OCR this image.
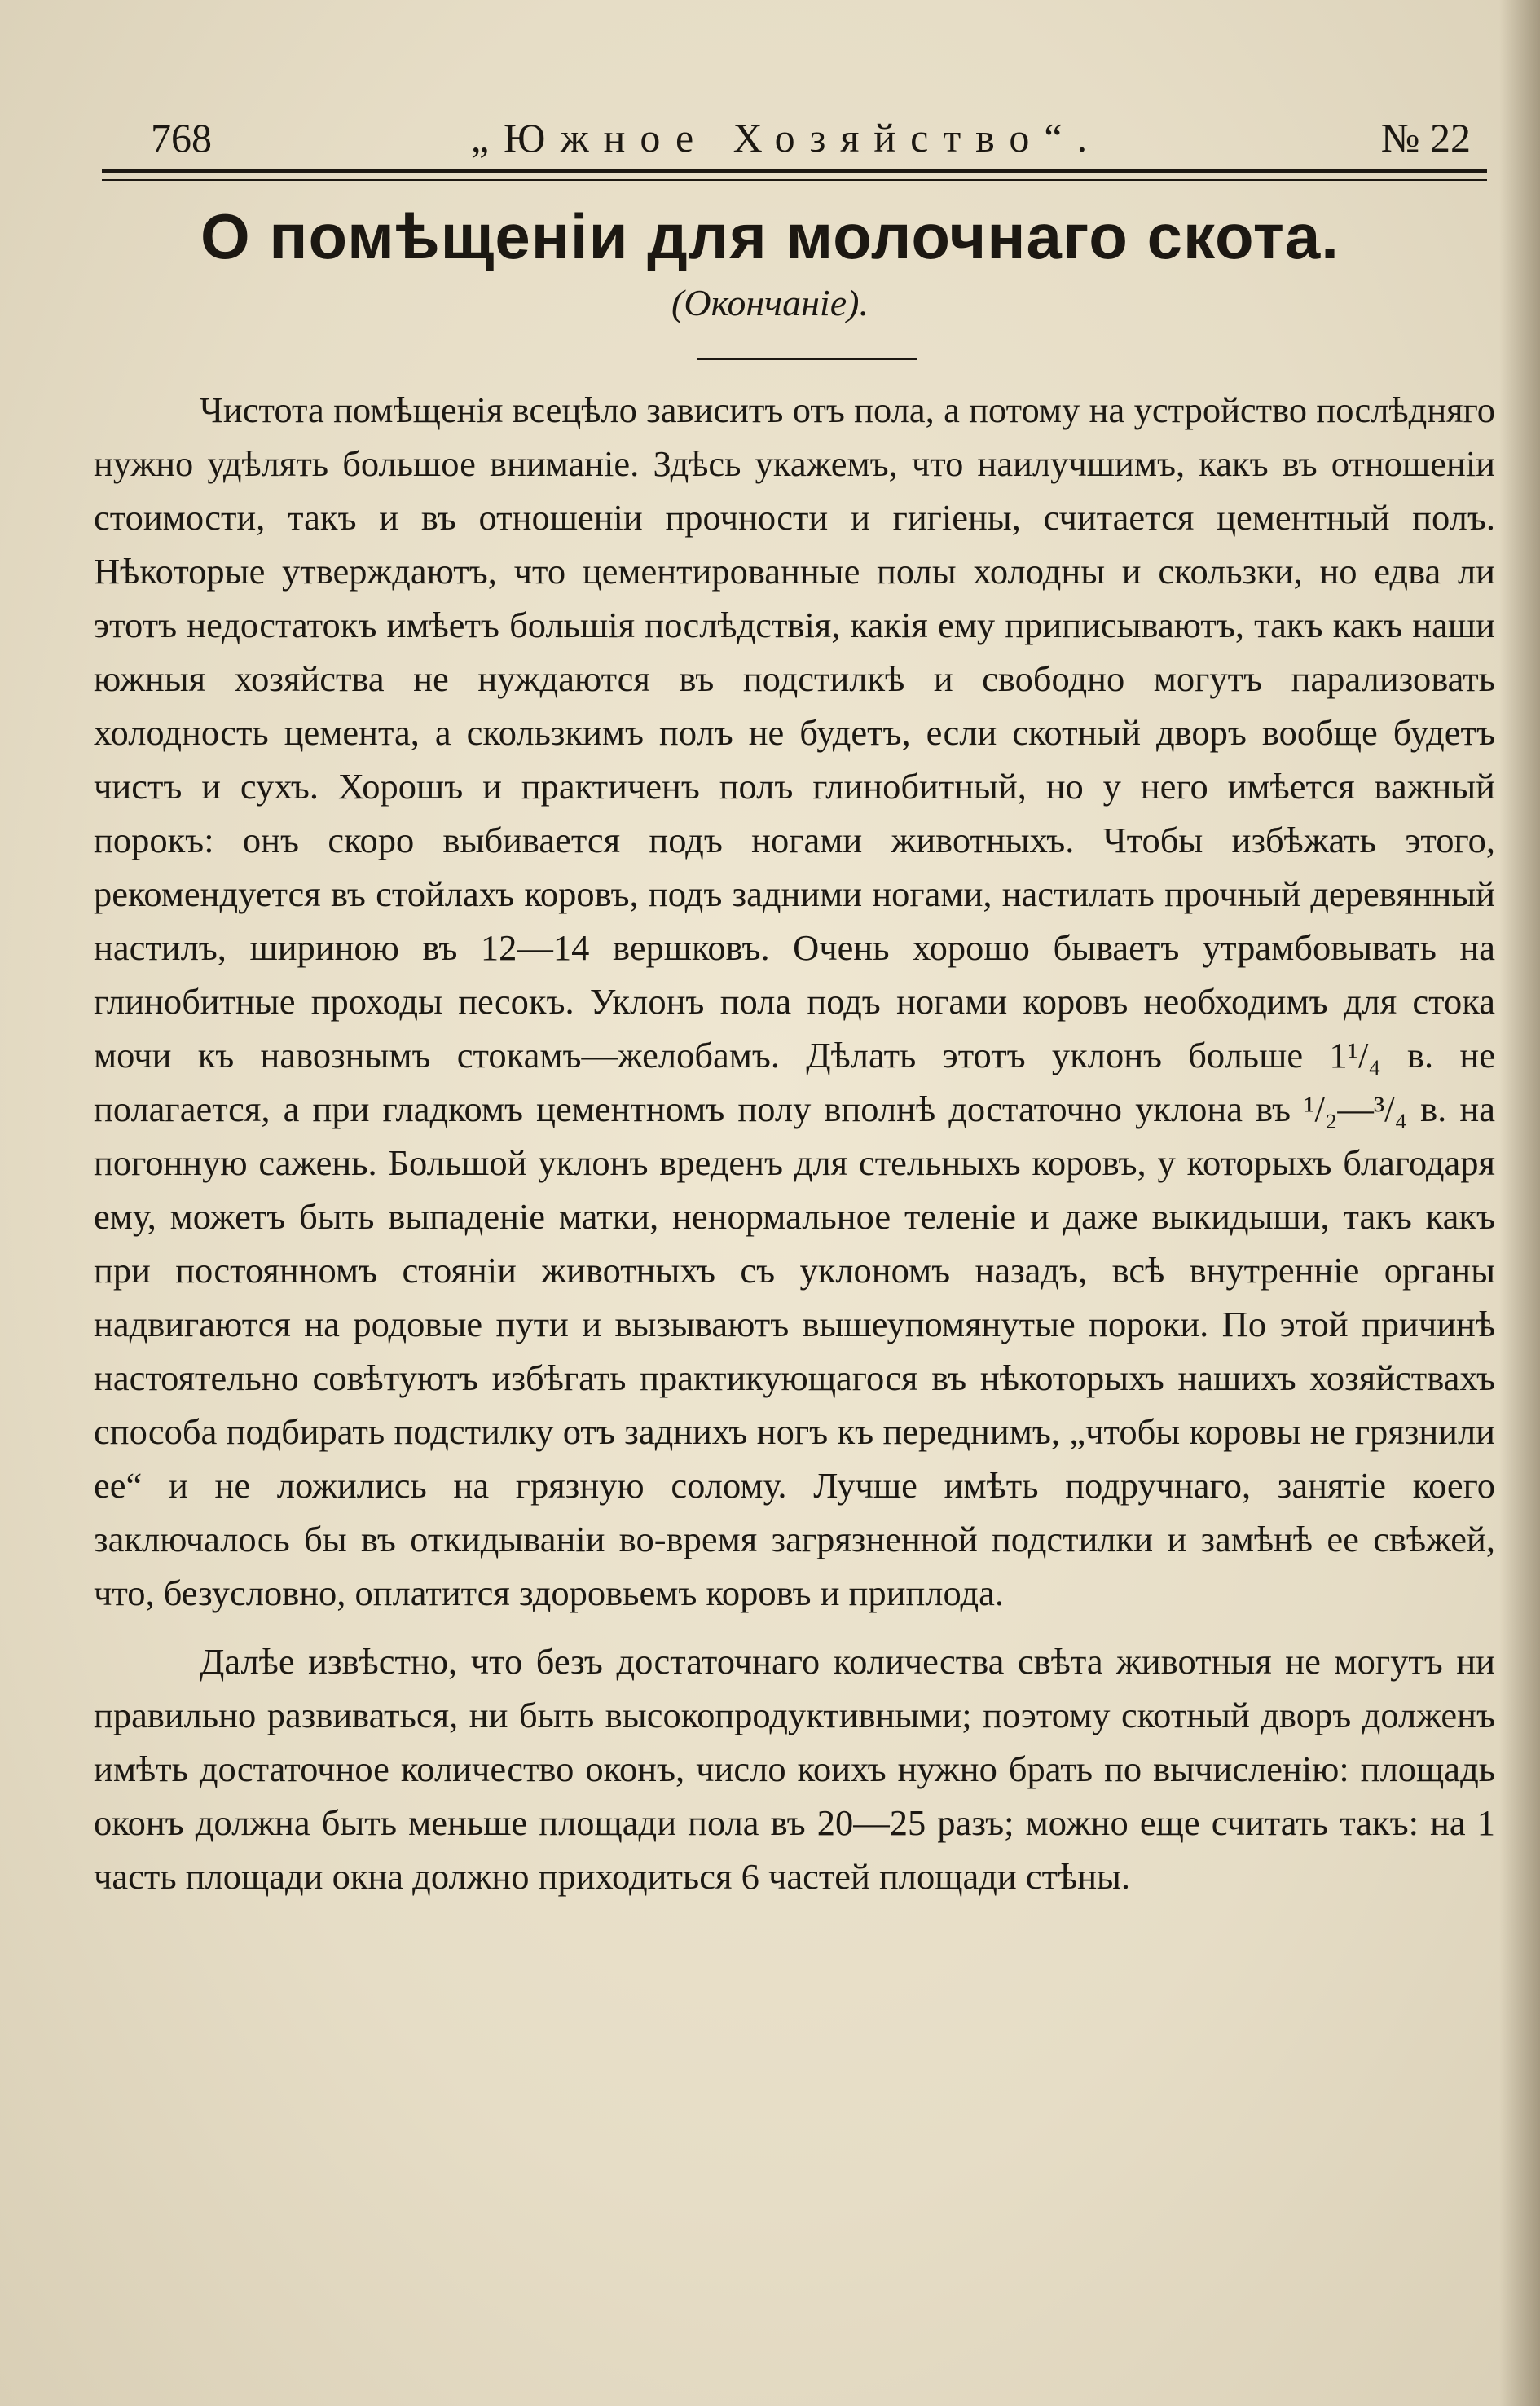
768	„Южное Хозяйство“.	№ 22
О помѣщеніи для молочнаго скота.
(Окончаніе).

Чистота помѣщенія всецѣло зависитъ отъ пола, а потому на устройство послѣдняго нужно удѣлять большое вниманіе. Здѣсь укажемъ, что наилучшимъ, какъ въ отношеніи стоимости, такъ и въ отношеніи прочности и гигіены, считается цементный полъ. Нѣкоторые утверждаютъ, что цементированные полы холодны и скользки, но едва ли этотъ недостатокъ имѣетъ большія послѣдствія, какія ему приписываютъ, такъ какъ наши южныя хозяйства не нуждаются въ подстилкѣ и свободно могутъ парализовать холодность цемента, а скользкимъ полъ не будетъ, если скотный дворъ вообще будетъ чистъ и сухъ. Хорошъ и практиченъ полъ глинобитный, но у него имѣется важный порокъ: онъ скоро выбивается подъ ногами животныхъ. Чтобы избѣжать этого, рекомендуется въ стойлахъ коровъ, подъ задними ногами, настилать прочный деревянный настилъ, шириною въ 12—14 вершковъ. Очень хорошо бываетъ утрамбовывать на глинобитные проходы песокъ. Уклонъ пола подъ ногами коровъ необходимъ для стока мочи къ навознымъ стокамъ—желобамъ. Дѣлать этотъ уклонъ больше 1¹/₄ в. не полагается, а при гладкомъ цементномъ полу вполнѣ достаточно уклона въ ¹/₂—³/₄ в. на погонную сажень. Большой уклонъ вреденъ для стельныхъ коровъ, у которыхъ благодаря ему, можетъ быть выпаденіе матки, ненормальное теленіе и даже выкидыши, такъ какъ при постоянномъ стояніи животныхъ съ уклономъ назадъ, всѣ внутренніе органы надвигаются на родовые пути и вызываютъ вышеупомянутые пороки. По этой причинѣ настоятельно совѣтуютъ избѣгать практикующагося въ нѣкоторыхъ нашихъ хозяйствахъ способа подбирать подстилку отъ заднихъ ногъ къ переднимъ, „чтобы коровы не грязнили ее“ и не ложились на грязную солому. Лучше имѣть подручнаго, занятіе коего заключалось бы въ откидываніи во-время загрязненной подстилки и замѣнѣ ее свѣжей, что, безусловно, оплатится здоровьемъ коровъ и приплода.

Далѣе извѣстно, что безъ достаточнаго количества свѣта животныя не могутъ ни правильно развиваться, ни быть высокопродуктивными; поэтому скотный дворъ долженъ имѣть достаточное количество оконъ, число коихъ нужно брать по вычисленію: площадь оконъ должна быть меньше площади пола въ 20—25 разъ; можно еще считать такъ: на 1 часть площади окна должно приходиться 6 частей площади стѣны.
